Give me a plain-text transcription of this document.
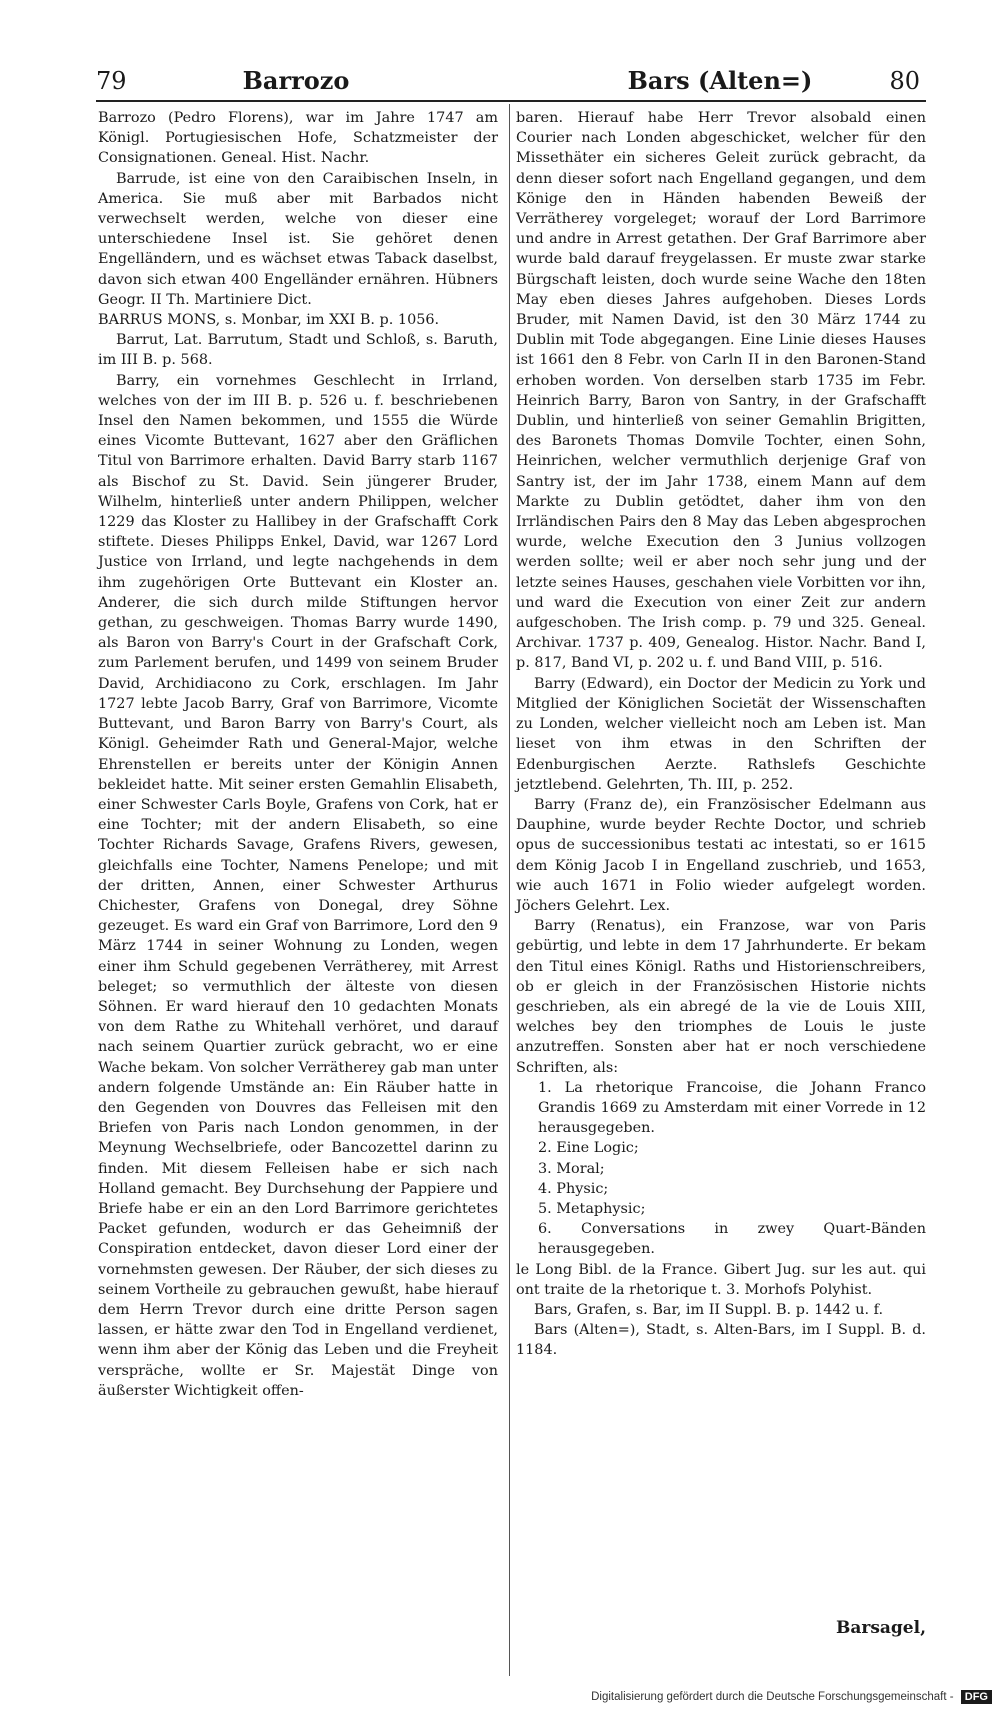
79	Barrozo	Bars (Alten=)	80

Barrozo (Pedro Florens), war im Jahre 1747 am Königl. Portugiesischen Hofe, Schatzmeister der Consignationen. Geneal. Hist. Nachr.

Barrude, ist eine von den Caraibischen Inseln, in America. Sie muß aber mit Barbados nicht verwechselt werden, welche von dieser eine unterschiedene Insel ist. Sie gehöret denen Engelländern, und es wächset etwas Taback daselbst, davon sich etwan 400 Engelländer ernähren. Hübners Geogr. II Th. Martiniere Dict.

BARRUS MONS, s. Monbar, im XXI B. p. 1056.

Barrut, Lat. Barrutum, Stadt und Schloß, s. Baruth, im III B. p. 568.

Barry, ein vornehmes Geschlecht in Irrland, welches von der im III B. p. 526 u. f. beschriebenen Insel den Namen bekommen, und 1555 die Würde eines Vicomte Buttevant, 1627 aber den Gräflichen Titul von Barrimore erhalten. David Barry starb 1167 als Bischof zu St. David. Sein jüngerer Bruder, Wilhelm, hinterließ unter andern Philippen, welcher 1229 das Kloster zu Hallibey in der Grafschafft Cork stiftete. Dieses Philipps Enkel, David, war 1267 Lord Justice von Irrland, und legte nachgehends in dem ihm zugehörigen Orte Buttevant ein Kloster an. Anderer, die sich durch milde Stiftungen hervor gethan, zu geschweigen. Thomas Barry wurde 1490, als Baron von Barry's Court in der Grafschaft Cork, zum Parlement berufen, und 1499 von seinem Bruder David, Archidiacono zu Cork, erschlagen. Im Jahr 1727 lebte Jacob Barry, Graf von Barrimore, Vicomte Buttevant, und Baron Barry von Barry's Court, als Königl. Geheimder Rath und General-Major, welche Ehrenstellen er bereits unter der Königin Annen bekleidet hatte. Mit seiner ersten Gemahlin Elisabeth, einer Schwester Carls Boyle, Grafens von Cork, hat er eine Tochter; mit der andern Elisabeth, so eine Tochter Richards Savage, Grafens Rivers, gewesen, gleichfalls eine Tochter, Namens Penelope; und mit der dritten, Annen, einer Schwester Arthurus Chichester, Grafens von Donegal, drey Söhne gezeuget. Es ward ein Graf von Barrimore, Lord den 9 März 1744 in seiner Wohnung zu Londen, wegen einer ihm Schuld gegebenen Verrätherey, mit Arrest beleget; so vermuthlich der älteste von diesen Söhnen. Er ward hierauf den 10 gedachten Monats von dem Rathe zu Whitehall verhöret, und darauf nach seinem Quartier zurück gebracht, wo er eine Wache bekam. Von solcher Verrätherey gab man unter andern folgende Umstände an: Ein Räuber hatte in den Gegenden von Douvres das Felleisen mit den Briefen von Paris nach London genommen, in der Meynung Wechselbriefe, oder Bancozettel darinn zu finden. Mit diesem Felleisen habe er sich nach Holland gemacht. Bey Durchsehung der Pappiere und Briefe habe er ein an den Lord Barrimore gerichtetes Packet gefunden, wodurch er das Geheimniß der Conspiration entdecket, davon dieser Lord einer der vornehmsten gewesen. Der Räuber, der sich dieses zu seinem Vortheile zu gebrauchen gewußt, habe hierauf dem Herrn Trevor durch eine dritte Person sagen lassen, er hätte zwar den Tod in Engelland verdienet, wenn ihm aber der König das Leben und die Freyheit verspräche, wollte er Sr. Majestät Dinge von äußerster Wichtigkeit offen-

baren. Hierauf habe Herr Trevor alsobald einen Courier nach Londen abgeschicket, welcher für den Missethäter ein sicheres Geleit zurück gebracht, da denn dieser sofort nach Engelland gegangen, und dem Könige den in Händen habenden Beweiß der Verrätherey vorgeleget; worauf der Lord Barrimore und andre in Arrest getathen. Der Graf Barrimore aber wurde bald darauf freygelassen. Er muste zwar starke Bürgschaft leisten, doch wurde seine Wache den 18ten May eben dieses Jahres aufgehoben. Dieses Lords Bruder, mit Namen David, ist den 30 März 1744 zu Dublin mit Tode abgegangen. Eine Linie dieses Hauses ist 1661 den 8 Febr. von Carln II in den Baronen-Stand erhoben worden. Von derselben starb 1735 im Febr. Heinrich Barry, Baron von Santry, in der Grafschafft Dublin, und hinterließ von seiner Gemahlin Brigitten, des Baronets Thomas Domvile Tochter, einen Sohn, Heinrichen, welcher vermuthlich derjenige Graf von Santry ist, der im Jahr 1738, einem Mann auf dem Markte zu Dublin getödtet, daher ihm von den Irrländischen Pairs den 8 May das Leben abgesprochen wurde, welche Execution den 3 Junius vollzogen werden sollte; weil er aber noch sehr jung und der letzte seines Hauses, geschahen viele Vorbitten vor ihn, und ward die Execution von einer Zeit zur andern aufgeschoben. The Irish comp. p. 79 und 325. Geneal. Archivar. 1737 p. 409, Genealog. Histor. Nachr. Band I, p. 817, Band VI, p. 202 u. f. und Band VIII, p. 516.

Barry (Edward), ein Doctor der Medicin zu York und Mitglied der Königlichen Societät der Wissenschaften zu Londen, welcher vielleicht noch am Leben ist. Man lieset von ihm etwas in den Schriften der Edenburgischen Aerzte. Rathslefs Geschichte jetztlebend. Gelehrten, Th. III, p. 252.

Barry (Franz de), ein Französischer Edelmann aus Dauphine, wurde beyder Rechte Doctor, und schrieb opus de successionibus testati ac intestati, so er 1615 dem König Jacob I in Engelland zuschrieb, und 1653, wie auch 1671 in Folio wieder aufgelegt worden. Jöchers Gelehrt. Lex.

Barry (Renatus), ein Franzose, war von Paris gebürtig, und lebte in dem 17 Jahrhunderte. Er bekam den Titul eines Königl. Raths und Historienschreibers, ob er gleich in der Französischen Historie nichts geschrieben, als ein abregé de la vie de Louis XIII, welches bey den triomphes de Louis le juste anzutreffen. Sonsten aber hat er noch verschiedene Schriften, als:

1. La rhetorique Francoise, die Johann Franco Grandis 1669 zu Amsterdam mit einer Vorrede in 12 herausgegeben.
2. Eine Logic;
3. Moral;
4. Physic;
5. Metaphysic;
6. Conversations in zwey Quart-Bänden herausgegeben.

le Long Bibl. de la France. Gibert Jug. sur les aut. qui ont traite de la rhetorique t. 3. Morhofs Polyhist.

Bars, Grafen, s. Bar, im II Suppl. B. p. 1442 u. f.

Bars (Alten=), Stadt, s. Alten-Bars, im I Suppl. B. d. 1184.

Barsagel,
Digitalisierung gefördert durch die Deutsche Forschungsgemeinschaft - DFG
